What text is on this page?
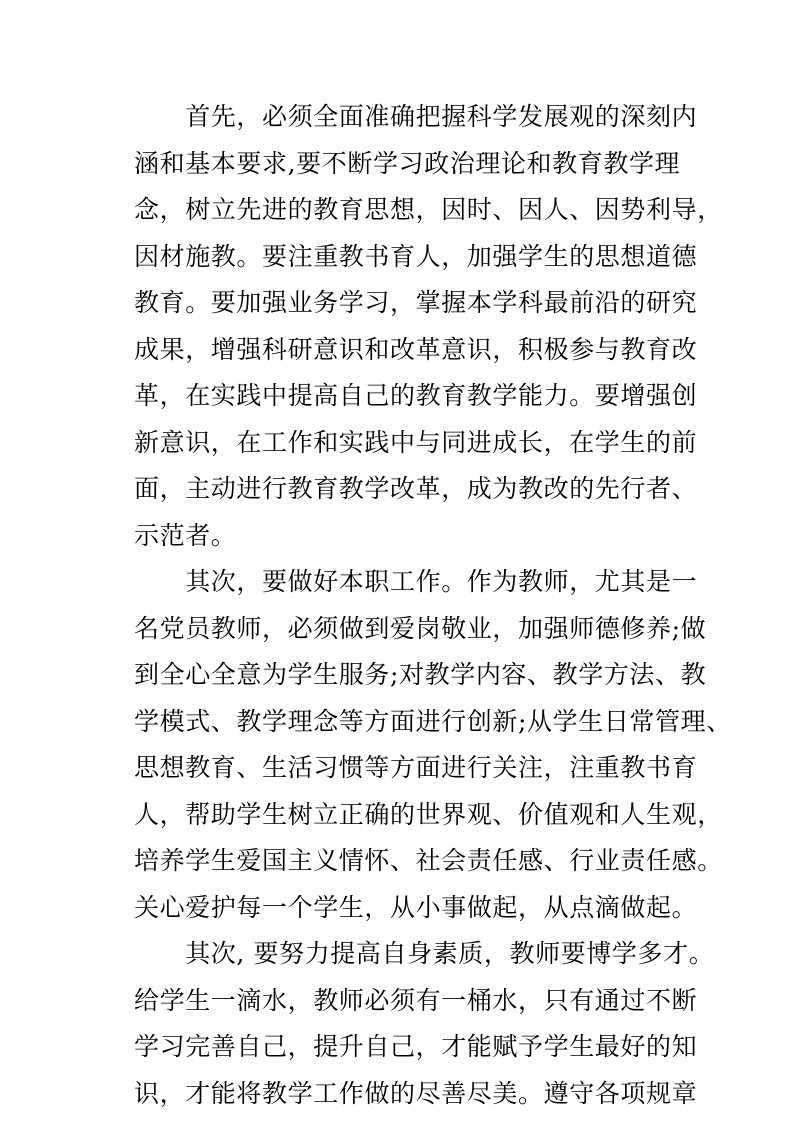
　　首先，必须全面准确把握科学发展观的深刻内
涵和基本要求,要不断学习政治理论和教育教学理
念，树立先进的教育思想，因时、因人、因势利导，
因材施教。要注重教书育人，加强学生的思想道德
教育。要加强业务学习，掌握本学科最前沿的研究
成果，增强科研意识和改革意识，积极参与教育改
革，在实践中提高自己的教育教学能力。要增强创
新意识，在工作和实践中与同进成长，在学生的前
面，主动进行教育教学改革，成为教改的先行者、
示范者。
　　其次，要做好本职工作。作为教师，尤其是一
名党员教师，必须做到爱岗敬业，加强师德修养;做
到全心全意为学生服务;对教学内容、教学方法、教
学模式、教学理念等方面进行创新;从学生日常管理、
思想教育、生活习惯等方面进行关注，注重教书育
人，帮助学生树立正确的世界观、价值观和人生观，
培养学生爱国主义情怀、社会责任感、行业责任感。
关心爱护每一个学生，从小事做起，从点滴做起。
　　其次, 要努力提高自身素质，教师要博学多才。
给学生一滴水，教师必须有一桶水，只有通过不断
学习完善自己，提升自己，才能赋予学生最好的知
识，才能将教学工作做的尽善尽美。遵守各项规章
